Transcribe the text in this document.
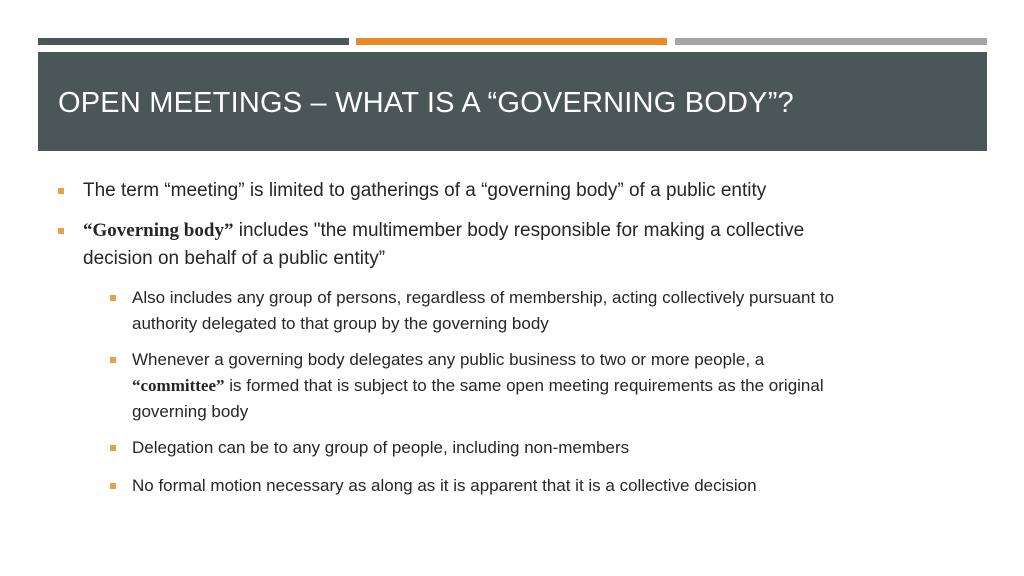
OPEN MEETINGS – WHAT IS A “GOVERNING BODY”?
The term “meeting” is limited to gatherings of a “governing body” of a public entity
“Governing body” includes "the multimember body responsible for making a collective
decision on behalf of a public entity”
Also includes any group of persons, regardless of membership, acting collectively pursuant to
authority delegated to that group by the governing body
Whenever a governing body delegates any public business to two or more people, a
“committee” is formed that is subject to the same open meeting requirements as the original
governing body
Delegation can be to any group of people, including non-members
No formal motion necessary as along as it is apparent that it is a collective decision
